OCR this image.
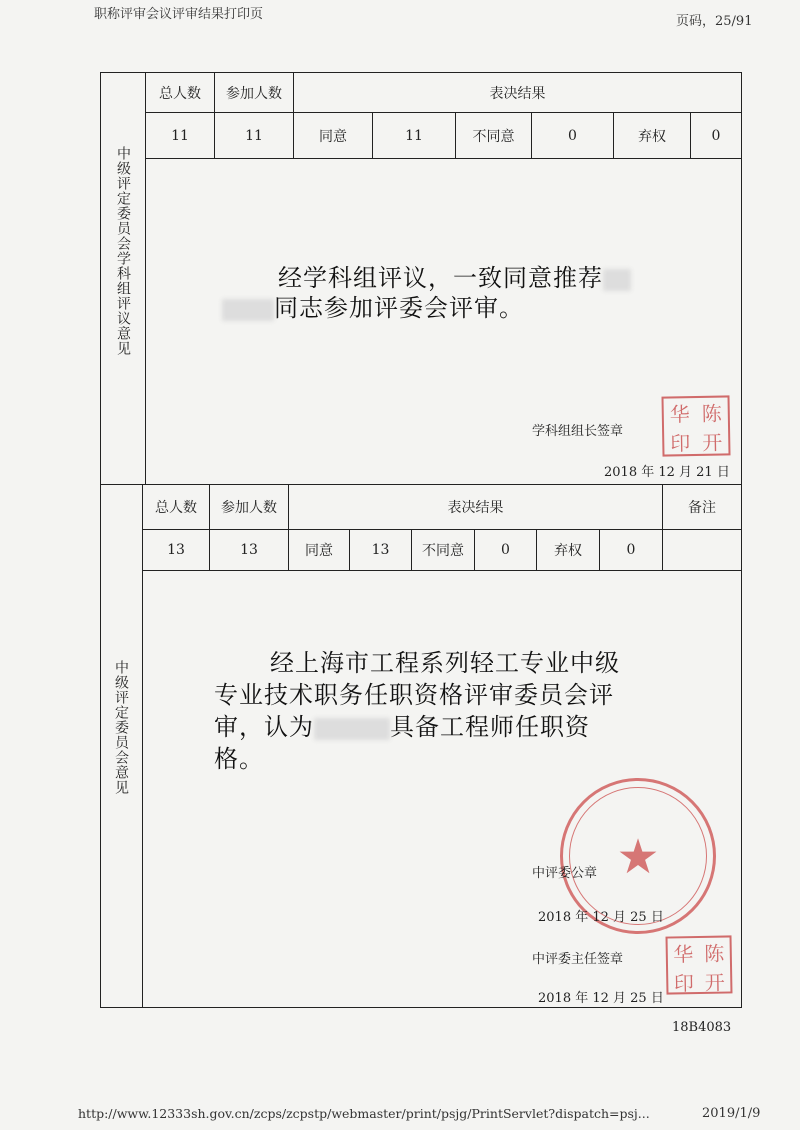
职称评审会议评审结果打印页	页码，25/91
中级评定委员会学科组评议意见
总人数	参加人数	表决结果
11	11	同意	11	不同意	0	弃权	0
经学科组评议，一致同意推荐
同志参加评委会评审。
学科组组长签章
华 陈
印 开
2018 年 12 月 21 日
中级评定委员会意见
总人数	参加人数	表决结果	备注
13	13	同意	13	不同意	0	弃权	0
经上海市工程系列轻工专业中级
专业技术职务任职资格评审委员会评
审，认为	具备工程师任职资
格。
★
中评委公章
2018 年 12 月 25 日
中评委主任签章	华 陈
印 开
2018 年 12 月 25 日
18B4083
http://www.12333sh.gov.cn/zcps/zcpstp/webmaster/print/psjg/PrintServlet?dispatch=psj...	2019/1/9
